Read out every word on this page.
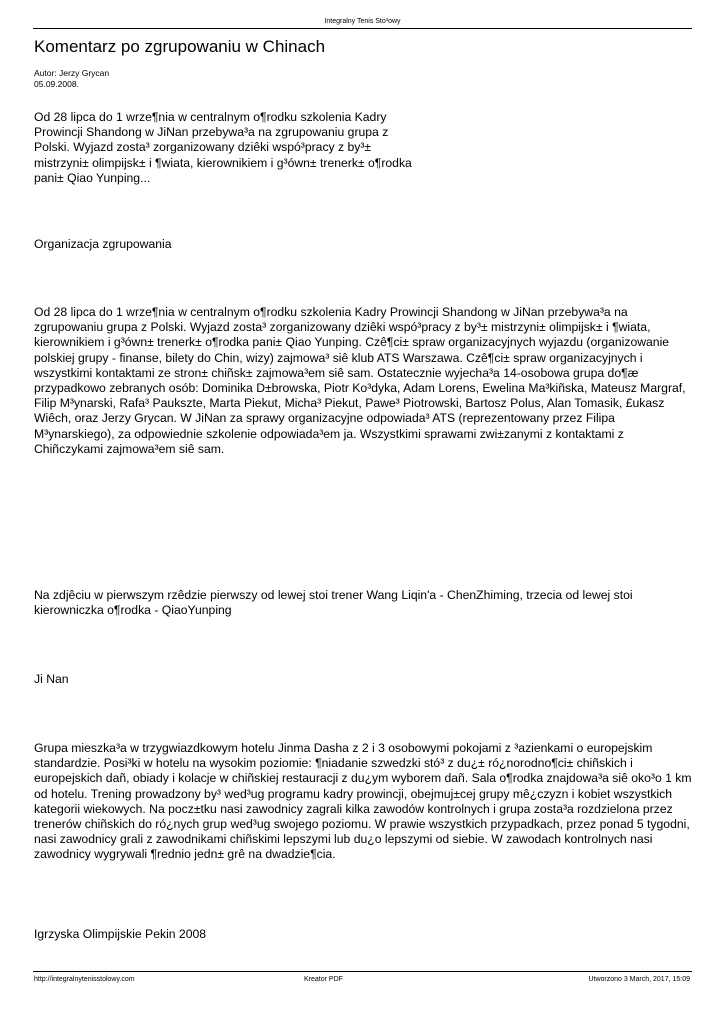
Integralny Tenis Sto³owy
Komentarz po zgrupowaniu w Chinach
Autor: Jerzy Grycan
05.09.2008.

Od 28 lipca do 1 wrze¶nia w centralnym o¶rodku szkolenia Kadry Prowincji Shandong w JiNan przebywa³a na zgrupowaniu grupa z Polski. Wyjazd zosta³ zorganizowany dziêki wspó³pracy z by³± mistrzyni± olimpijsk± i ¶wiata, kierownikiem i g³ówn± trenerk± o¶rodka pani± Qiao Yunping...

Organizacja zgrupowania

Od 28 lipca do 1 wrze¶nia w centralnym o¶rodku szkolenia Kadry Prowincji Shandong w JiNan przebywa³a na zgrupowaniu grupa z Polski. Wyjazd zosta³ zorganizowany dziêki wspó³pracy z by³± mistrzyni± olimpijsk± i ¶wiata, kierownikiem i g³ówn± trenerk± o¶rodka pani± Qiao Yunping. Czê¶ci± spraw organizacyjnych wyjazdu (organizowanie polskiej grupy - finanse, bilety do Chin, wizy) zajmowa³ siê klub ATS Warszawa. Czê¶ci± spraw organizacyjnych i wszystkimi kontaktami ze stron± chiñsk± zajmowa³em siê sam. Ostatecznie wyjecha³a 14-osobowa grupa do¶æ przypadkowo zebranych osób: Dominika D±browska, Piotr Ko³dyka, Adam Lorens, Ewelina Ma³kiñska, Mateusz Margraf, Filip M³ynarski, Rafa³ Paukszte, Marta Piekut, Micha³ Piekut, Pawe³ Piotrowski, Bartosz Polus, Alan Tomasik, £ukasz Wiêch, oraz Jerzy Grycan. W JiNan za sprawy organizacyjne odpowiada³ ATS (reprezentowany przez Filipa M³ynarskiego), za odpowiednie szkolenie odpowiada³em ja. Wszystkimi sprawami zwi±zanymi z kontaktami z Chiñczykami zajmowa³em siê sam.

Na zdjêciu w pierwszym rzêdzie pierwszy od lewej stoi trener Wang Liqin'a - ChenZhiming, trzecia od lewej stoi kierowniczka o¶rodka - QiaoYunping

Ji Nan

Grupa mieszka³a w trzygwiazdkowym hotelu Jinma Dasha z 2 i 3 osobowymi pokojami z ³azienkami o europejskim standardzie. Posi³ki w hotelu na wysokim poziomie: ¶niadanie szwedzki stó³ z du¿± ró¿norodno¶ci± chiñskich i europejskich dañ, obiady i kolacje w chiñskiej restauracji z du¿ym wyborem dañ. Sala o¶rodka znajdowa³a siê oko³o 1 km od hotelu. Trening prowadzony by³ wed³ug programu kadry prowincji, obejmuj±cej grupy mê¿czyzn i kobiet wszystkich kategorii wiekowych. Na pocz±tku nasi zawodnicy zagrali kilka zawodów kontrolnych i grupa zosta³a rozdzielona przez trenerów chiñskich do ró¿nych grup wed³ug swojego poziomu. W prawie wszystkich przypadkach, przez ponad 5 tygodni, nasi zawodnicy grali z zawodnikami chiñskimi lepszymi lub du¿o lepszymi od siebie. W zawodach kontrolnych nasi zawodnicy wygrywali ¶rednio jedn± grê na dwadzie¶cia.

Igrzyska Olimpijskie Pekin 2008

http://integralnytenisstolowy.com	Kreator PDF	Utworzono 3 March, 2017, 15:09
